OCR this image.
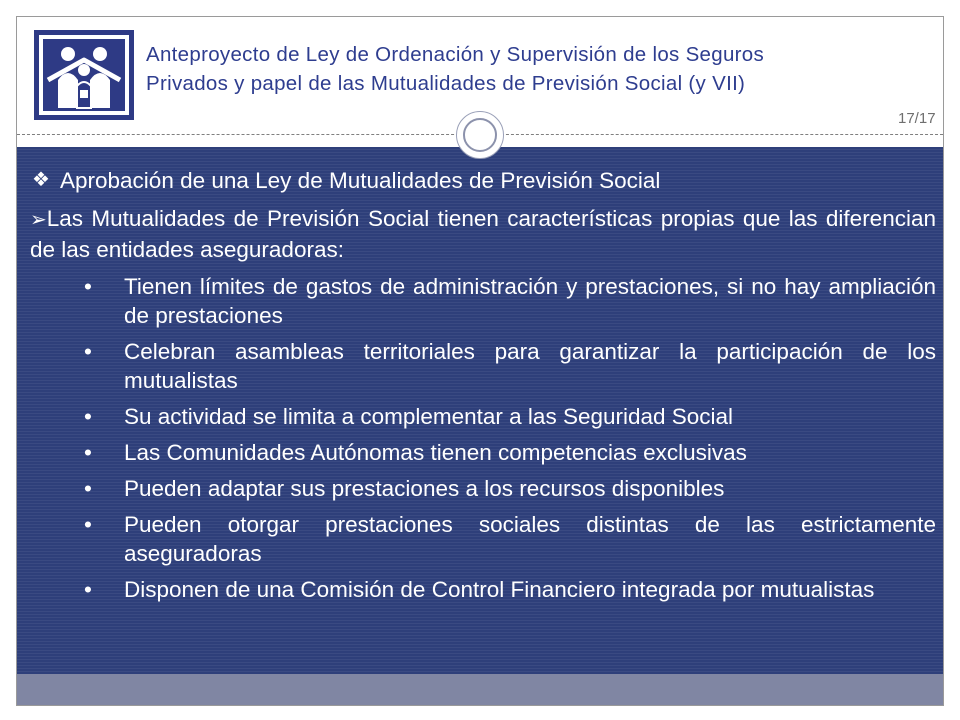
Anteproyecto de Ley de Ordenación y Supervisión de los Seguros
Privados y papel de las Mutualidades de Previsión Social (y VII)
17/17
❖ Aprobación de una Ley de Mutualidades de Previsión Social
➢Las Mutualidades de Previsión Social tienen características propias que las diferencian de las entidades aseguradoras:
• Tienen límites de gastos de administración y prestaciones, si no hay ampliación de prestaciones
• Celebran asambleas territoriales para garantizar la participación de los mutualistas
• Su actividad se limita a complementar a las Seguridad Social
• Las Comunidades Autónomas tienen competencias exclusivas
• Pueden adaptar sus prestaciones a los recursos disponibles
• Pueden otorgar prestaciones sociales distintas de las estrictamente aseguradoras
• Disponen de una Comisión de Control Financiero integrada por mutualistas
